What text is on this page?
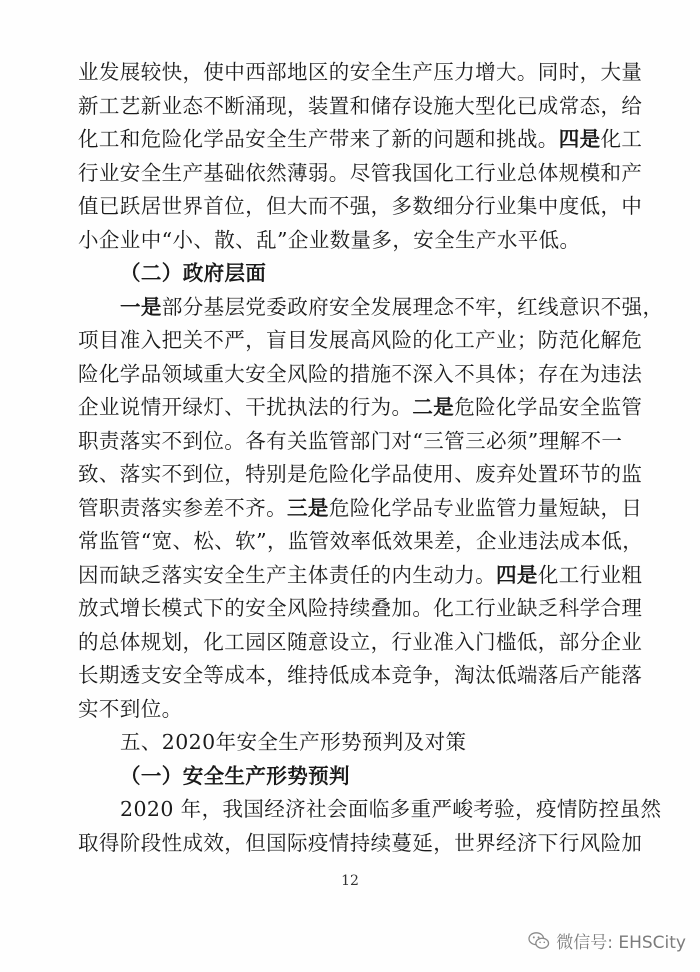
业发展较快，使中西部地区的安全生产压力增大。同时，大量
新工艺新业态不断涌现，装置和储存设施大型化已成常态，给
化工和危险化学品安全生产带来了新的问题和挑战。四是化工
行业安全生产基础依然薄弱。尽管我国化工行业总体规模和产
值已跃居世界首位，但大而不强，多数细分行业集中度低，中
小企业中“小、散、乱”企业数量多，安全生产水平低。
（二）政府层面
一是部分基层党委政府安全发展理念不牢，红线意识不强，
项目准入把关不严，盲目发展高风险的化工产业；防范化解危
险化学品领域重大安全风险的措施不深入不具体；存在为违法
企业说情开绿灯、干扰执法的行为。二是危险化学品安全监管
职责落实不到位。各有关监管部门对“三管三必须”理解不一
致、落实不到位，特别是危险化学品使用、废弃处置环节的监
管职责落实参差不齐。三是危险化学品专业监管力量短缺，日
常监管“宽、松、软”，监管效率低效果差，企业违法成本低，
因而缺乏落实安全生产主体责任的内生动力。四是化工行业粗
放式增长模式下的安全风险持续叠加。化工行业缺乏科学合理
的总体规划，化工园区随意设立，行业准入门槛低，部分企业
长期透支安全等成本，维持低成本竞争，淘汰低端落后产能落
实不到位。
五、2020年安全生产形势预判及对策
（一）安全生产形势预判
2020 年，我国经济社会面临多重严峻考验，疫情防控虽然
取得阶段性成效，但国际疫情持续蔓延，世界经济下行风险加
12
微信号: EHSCity
